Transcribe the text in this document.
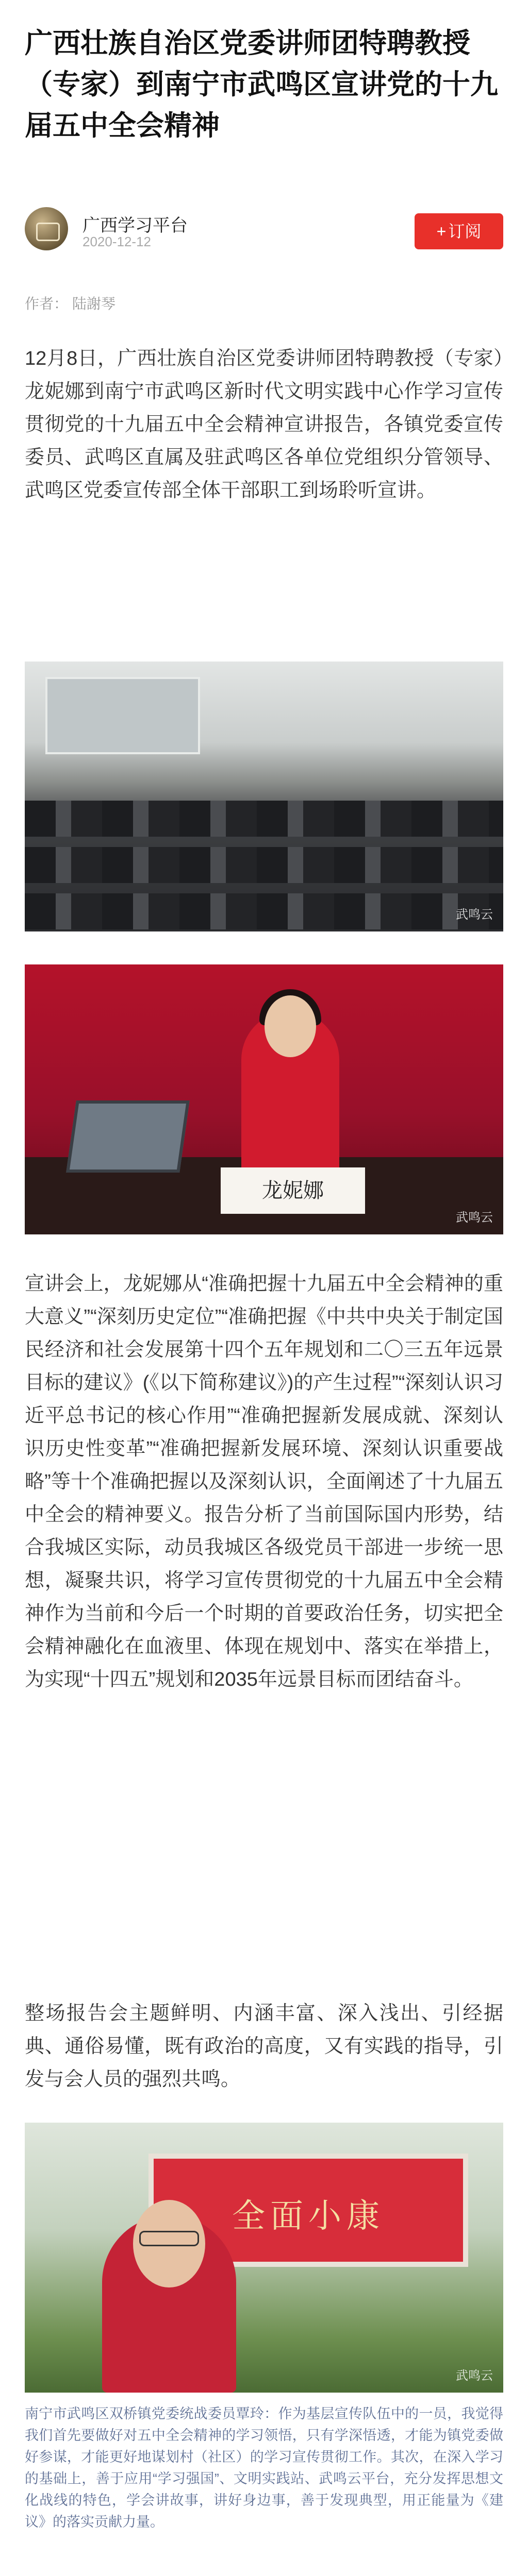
广西壮族自治区党委讲师团特聘教授（专家）到南宁市武鸣区宣讲党的十九届五中全会精神
广西学习平台
2020-12-12
+ 订阅
作者： 陆謝琴

12月8日，广西壮族自治区党委讲师团特聘教授（专家）龙妮娜到南宁市武鸣区新时代文明实践中心作学习宣传贯彻党的十九届五中全会精神宣讲报告，各镇党委宣传委员、武鸣区直属及驻武鸣区各单位党组织分管领导、武鸣区党委宣传部全体干部职工到场聆听宣讲。

武鸣云
龙妮娜
武鸣云

宣讲会上，龙妮娜从“准确把握十九届五中全会精神的重大意义”“深刻历史定位”“准确把握《中共中央关于制定国民经济和社会发展第十四个五年规划和二〇三五年远景目标的建议》(《以下简称建议》)的产生过程”“深刻认识习近平总书记的核心作用”“准确把握新发展成就、深刻认识历史性变革”“准确把握新发展环境、深刻认识重要战略”等十个准确把握以及深刻认识，全面阐述了十九届五中全会的精神要义。报告分析了当前国际国内形势，结合我城区实际，动员我城区各级党员干部进一步统一思想，凝聚共识，将学习宣传贯彻党的十九届五中全会精神作为当前和今后一个时期的首要政治任务，切实把全会精神融化在血液里、体现在规划中、落实在举措上，为实现“十四五”规划和2035年远景目标而团结奋斗。

整场报告会主题鲜明、内涵丰富、深入浅出、引经据典、通俗易懂，既有政治的高度，又有实践的指导，引发与会人员的强烈共鸣。

全面小康
武鸣云

南宁市武鸣区双桥镇党委统战委员覃玲：作为基层宣传队伍中的一员，我觉得我们首先要做好对五中全会精神的学习领悟，只有学深悟透，才能为镇党委做好参谋，才能更好地谋划村（社区）的学习宣传贯彻工作。其次，在深入学习的基础上，善于应用“学习强国”、文明实践站、武鸣云平台，充分发挥思想文化战线的特色，学会讲故事，讲好身边事，善于发现典型，用正能量为《建议》的落实贡献力量。
